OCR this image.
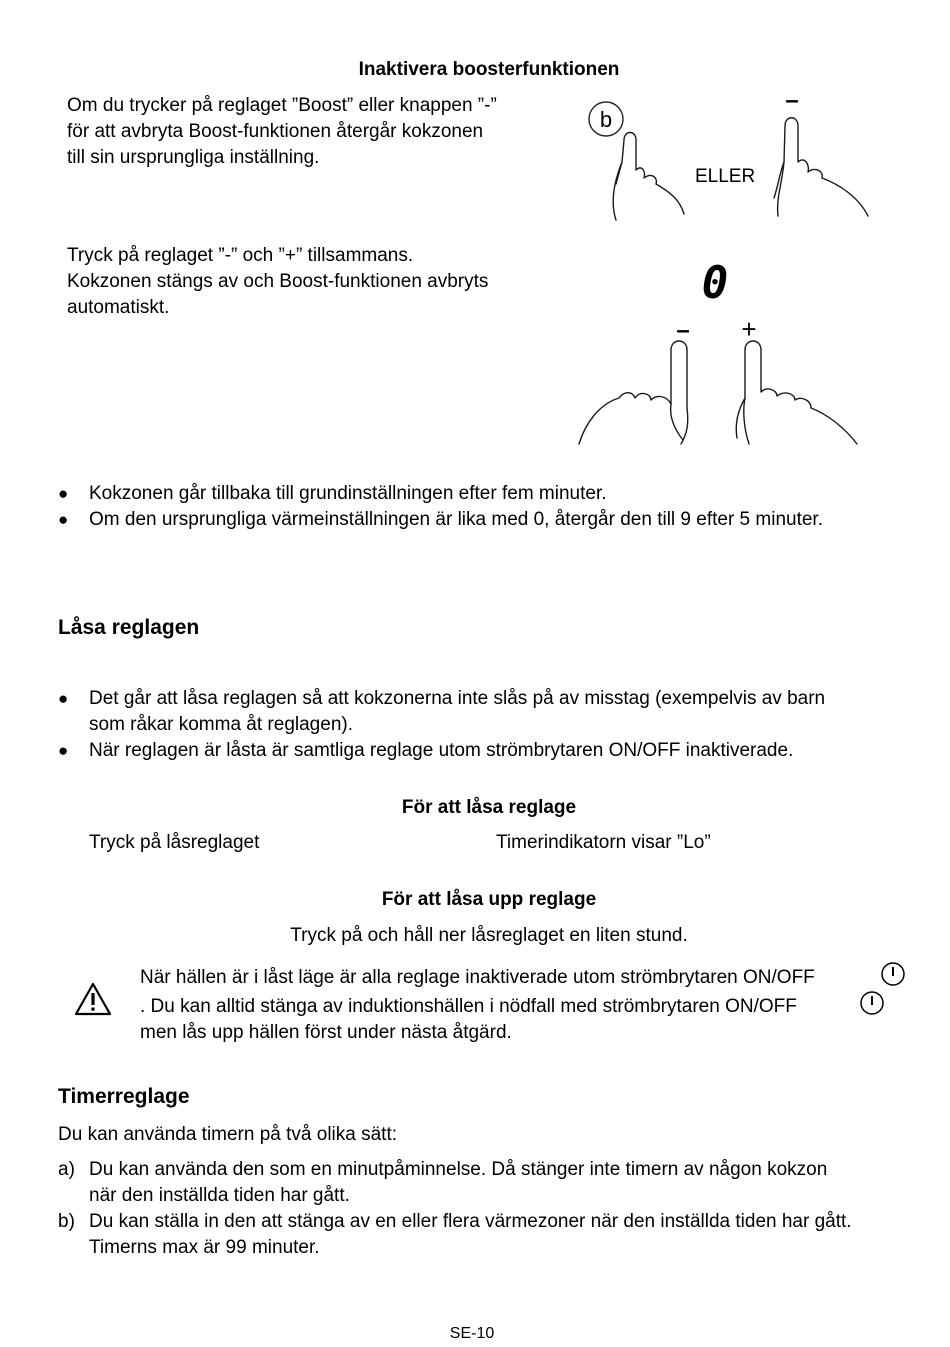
Inaktivera boosterfunktionen
Om du trycker på reglaget ”Boost” eller knappen ”-”
för att avbryta Boost-funktionen återgår kokzonen
till sin ursprungliga inställning.
b
ELLER
–
Tryck på reglaget ”-” och ”+” tillsammans.
Kokzonen stängs av och Boost-funktionen avbryts
automatiskt.	0
– +
● Kokzonen går tillbaka till grundinställningen efter fem minuter.
● Om den ursprungliga värmeinställningen är lika med 0, återgår den till 9 efter 5 minuter.
Låsa reglagen
● Det går att låsa reglagen så att kokzonerna inte slås på av misstag (exempelvis av barn
som råkar komma åt reglagen).
● När reglagen är låsta är samtliga reglage utom strömbrytaren ON/OFF inaktiverade.
För att låsa reglage
Tryck på låsreglaget	Timerindikatorn visar ”Lo”
För att låsa upp reglage
Tryck på och håll ner låsreglaget en liten stund.
När hällen är i låst läge är alla reglage inaktiverade utom strömbrytaren ON/OFF
. Du kan alltid stänga av induktionshällen i nödfall med strömbrytaren ON/OFF
men lås upp hällen först under nästa åtgärd.
Timerreglage
Du kan använda timern på två olika sätt:
a) Du kan använda den som en minutpåminnelse. Då stänger inte timern av någon kokzon
när den inställda tiden har gått.
b) Du kan ställa in den att stänga av en eller flera värmezoner när den inställda tiden har gått.
Timerns max är 99 minuter.
SE-10
